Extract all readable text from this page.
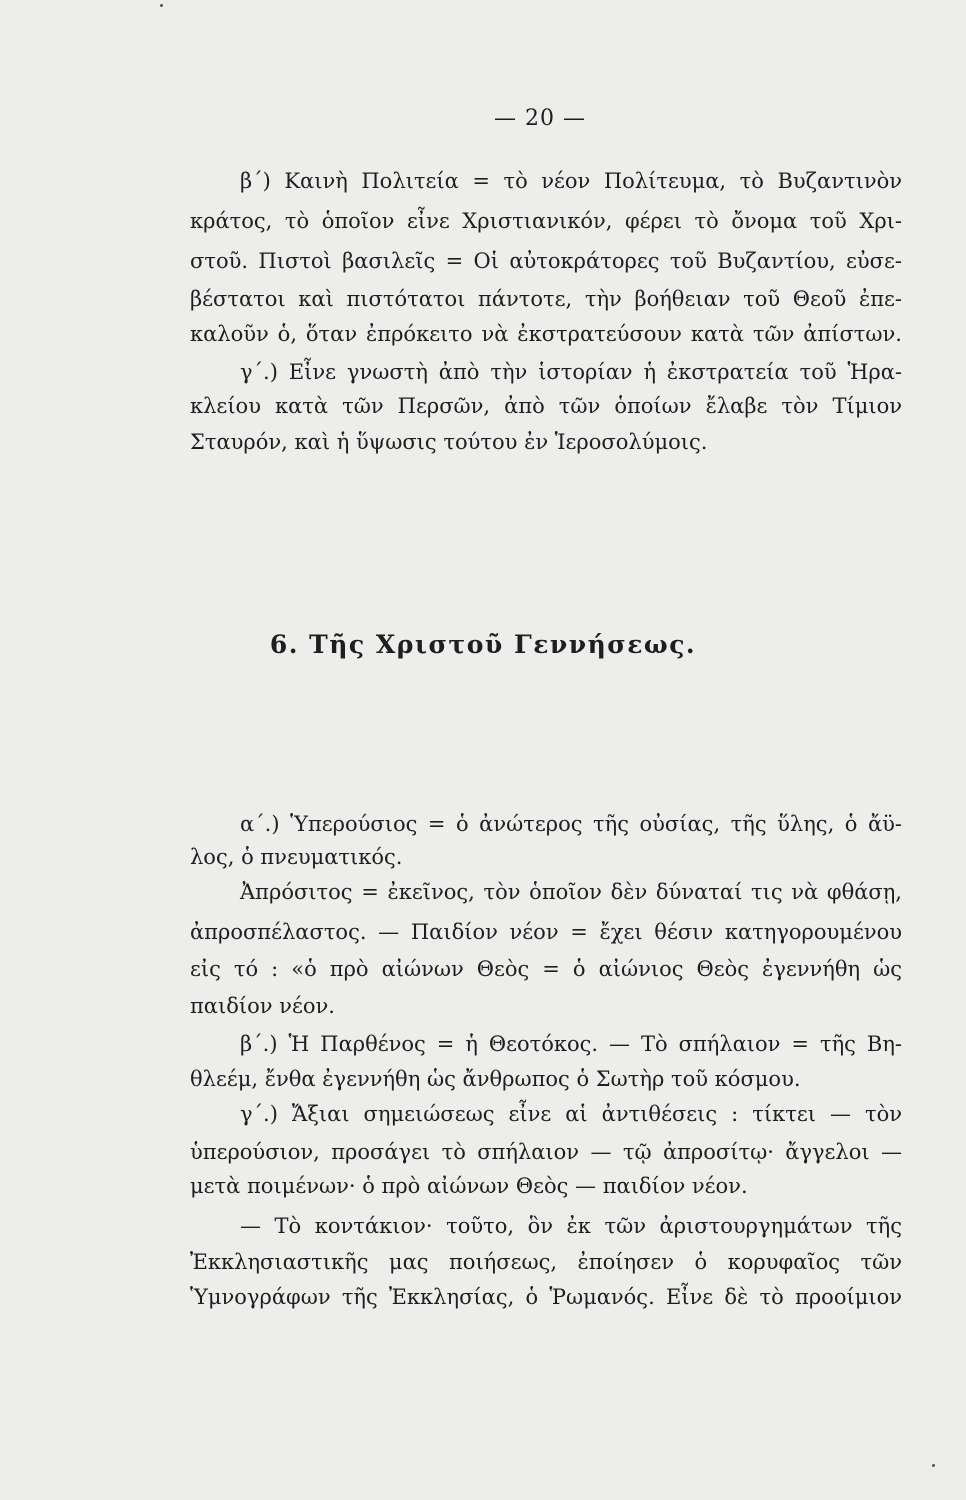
— 20 —
β΄) Καινὴ Πολιτεία = τὸ νέον Πολίτευμα, τὸ Βυζαντινὸν
κράτος, τὸ ὁποῖον εἶνε Χριστιανικόν, φέρει τὸ ὄνομα τοῦ Χρι-
στοῦ. Πιστοὶ βασιλεῖς = Οἱ αὐτοκράτορες τοῦ Βυζαντίου, εὐσε-
βέστατοι καὶ πιστότατοι πάντοτε, τὴν βοήθειαν τοῦ Θεοῦ ἐπε-
καλοῦν ὁ, ὅταν ἐπρόκειτο νὰ ἐκστρατεύσουν κατὰ τῶν ἀπίστων.
γ΄.) Εἶνε γνωστὴ ἀπὸ τὴν ἱστορίαν ἡ ἐκστρατεία τοῦ Ἡρα-
κλείου κατὰ τῶν Περσῶν, ἀπὸ τῶν ὁποίων ἔλαβε τὸν Τίμιον
Σταυρόν, καὶ ἡ ὕψωσις τούτου ἐν Ἱεροσολύμοις.
6. Τῆς Χριστοῦ Γεννήσεως.
α΄.) Ὑπερούσιος = ὁ ἀνώτερος τῆς οὐσίας, τῆς ὕλης, ὁ ἄϋ-
λος, ὁ πνευματικός.
Ἀπρόσιτος = ἐκεῖνος, τὸν ὁποῖον δὲν δύναταί τις νὰ φθάσῃ,
ἀπροσπέλαστος. — Παιδίον νέον = ἔχει θέσιν κατηγορουμένου
εἰς τό : «ὁ πρὸ αἰώνων Θεὸς = ὁ αἰώνιος Θεὸς ἐγεννήθη ὡς
παιδίον νέον.
β΄.) Ἡ Παρθένος = ἡ Θεοτόκος. — Τὸ σπήλαιον = τῆς Βη-
θλεέμ, ἔνθα ἐγεννήθη ὡς ἄνθρωπος ὁ Σωτὴρ τοῦ κόσμου.
γ΄.) Ἄξιαι σημειώσεως εἶνε αἱ ἀντιθέσεις : τίκτει — τὸν
ὑπερούσιον, προσάγει τὸ σπήλαιον — τῷ ἀπροσίτῳ· ἄγγελοι —
μετὰ ποιμένων· ὁ πρὸ αἰώνων Θεὸς — παιδίον νέον.
— Τὸ κοντάκιον· τοῦτο, ὃν ἐκ τῶν ἀριστουργημάτων τῆς
Ἐκκλησιαστικῆς μας ποιήσεως, ἐποίησεν ὁ κορυφαῖος τῶν
Ὑμνογράφων τῆς Ἐκκλησίας, ὁ Ῥωμανός. Εἶνε δὲ τὸ προοίμιον
